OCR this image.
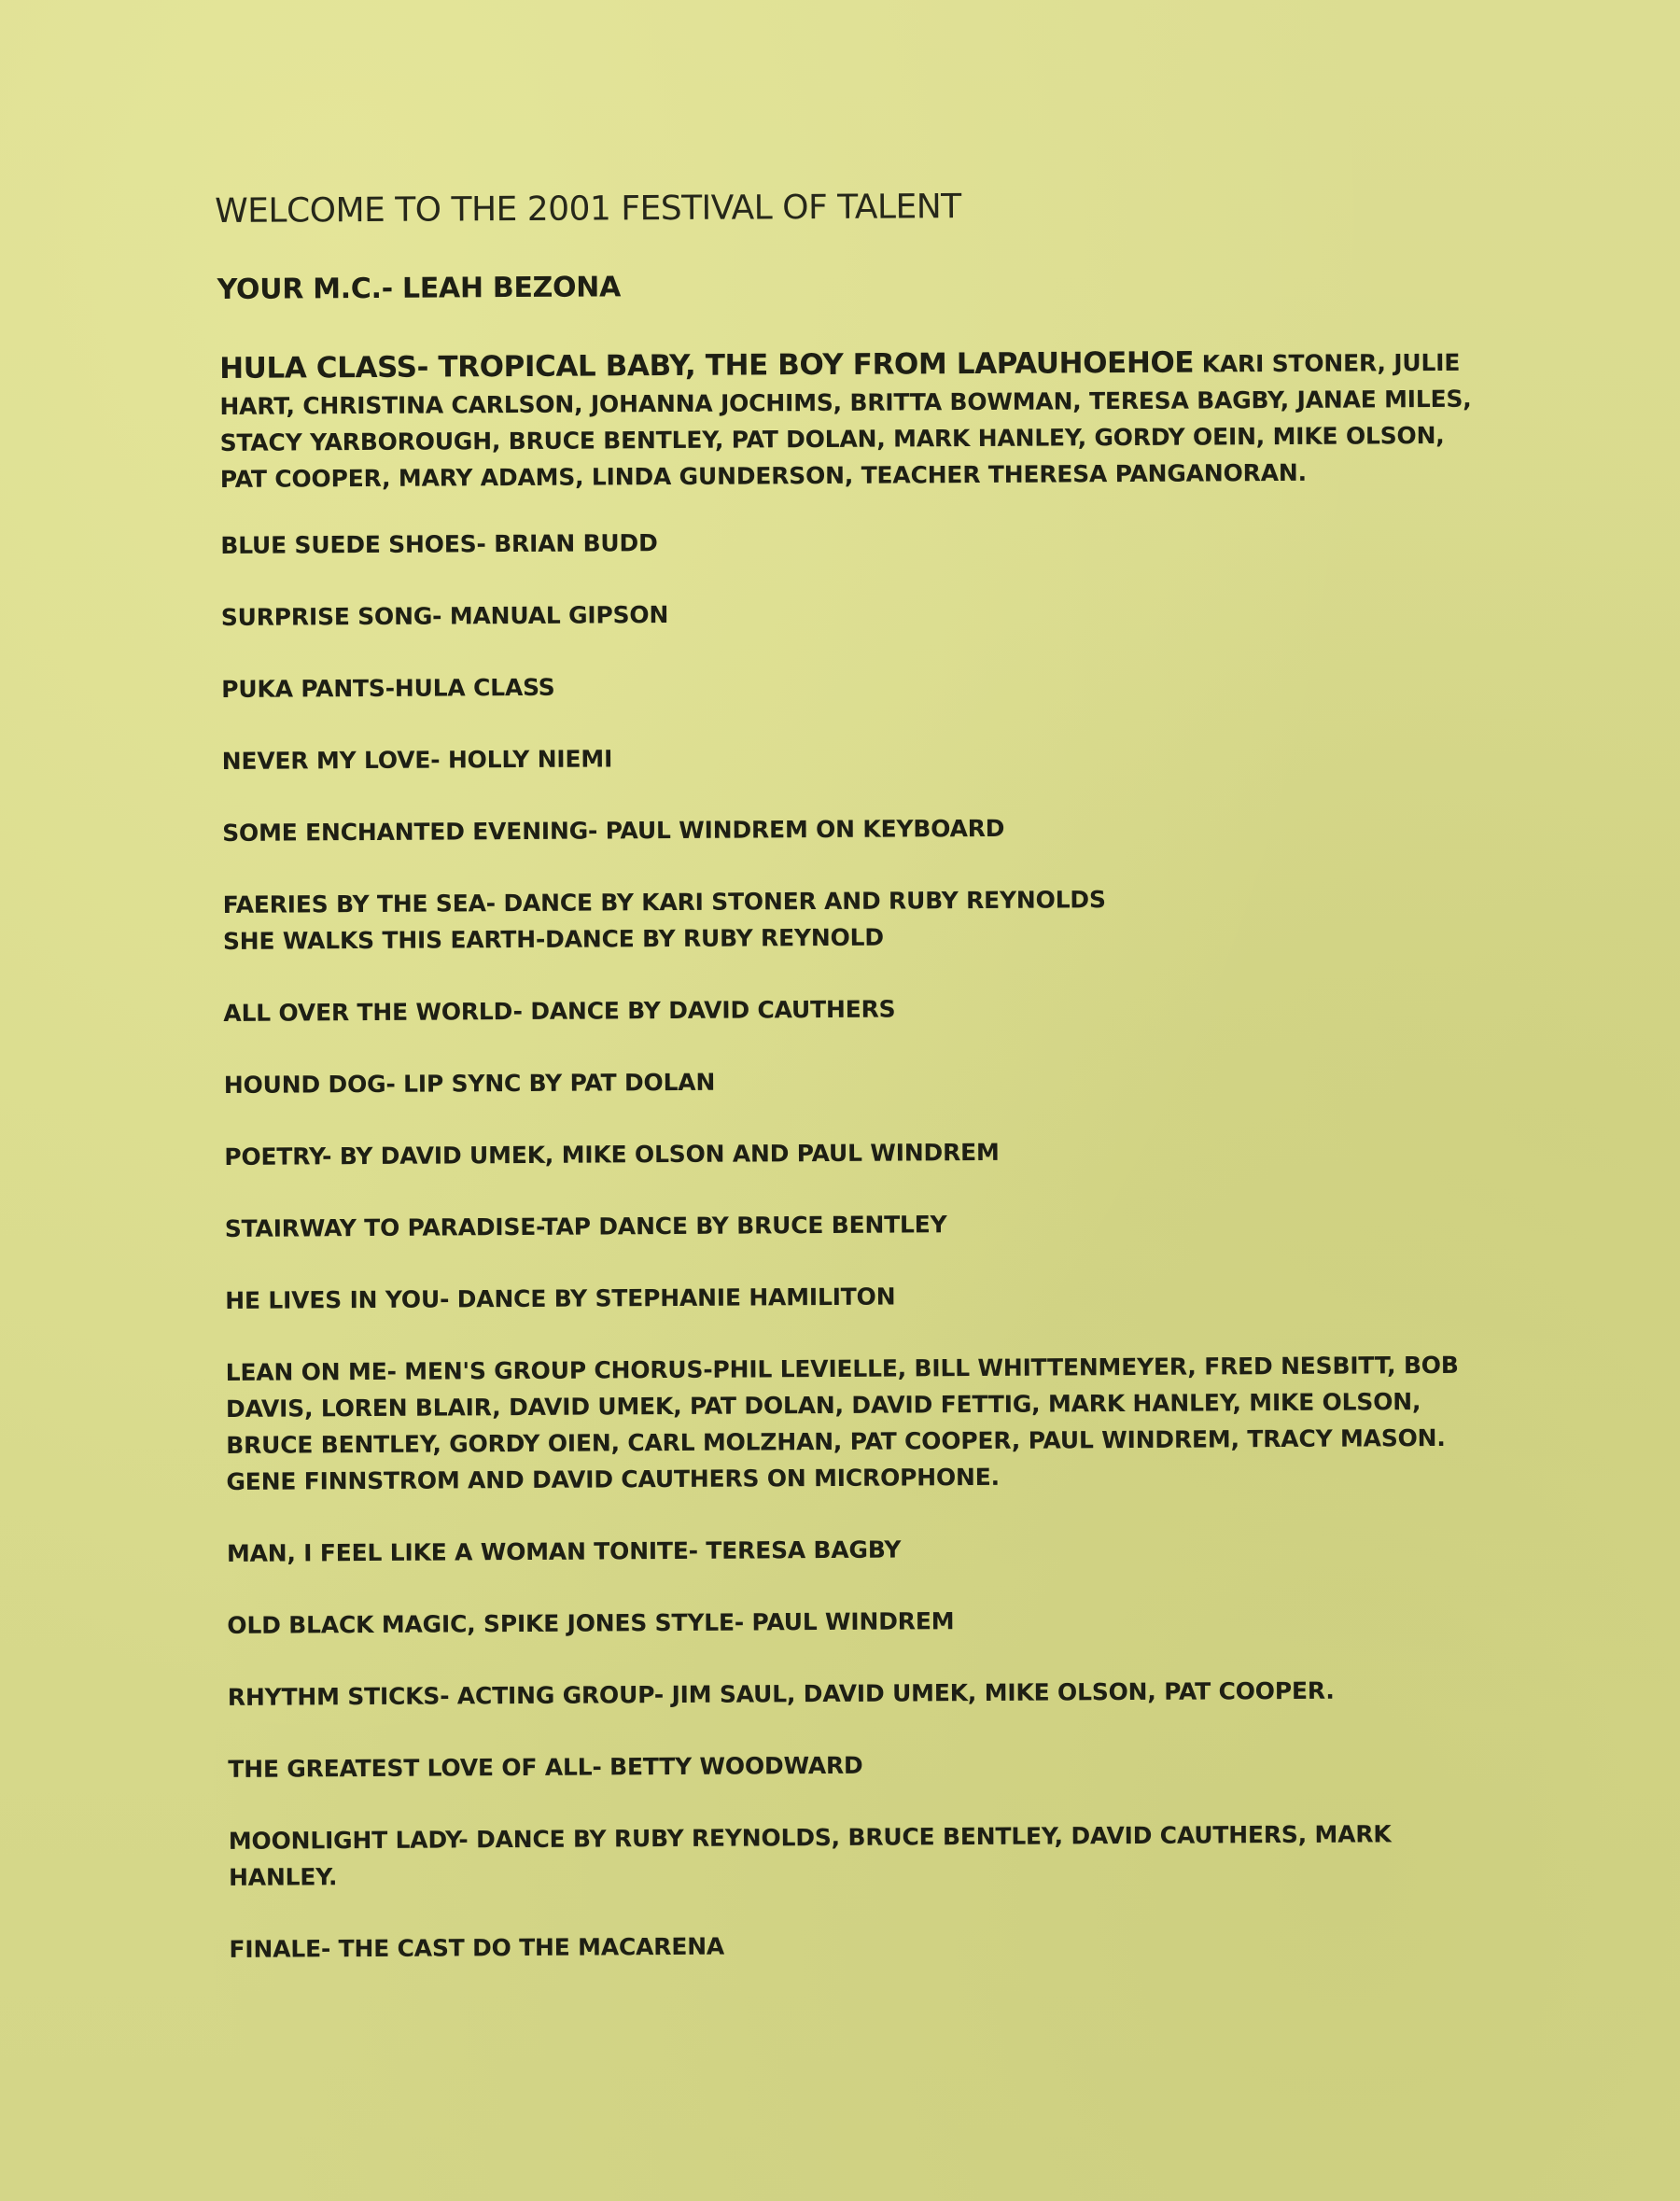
WELCOME TO THE 2001 FESTIVAL OF TALENT
YOUR M.C.- LEAH BEZONA
HULA CLASS- TROPICAL BABY, THE BOY FROM LAPAUHOEHOE KARI STONER, JULIE HART, CHRISTINA CARLSON, JOHANNA JOCHIMS, BRITTA BOWMAN, TERESA BAGBY, JANAE MILES, STACY YARBOROUGH, BRUCE BENTLEY, PAT DOLAN, MARK HANLEY, GORDY OEIN, MIKE OLSON, PAT COOPER, MARY ADAMS, LINDA GUNDERSON, TEACHER THERESA PANGANORAN.
BLUE SUEDE SHOES- BRIAN BUDD
SURPRISE SONG- MANUAL GIPSON
PUKA PANTS-HULA CLASS
NEVER MY LOVE- HOLLY NIEMI
SOME ENCHANTED EVENING- PAUL WINDREM ON KEYBOARD
FAERIES BY THE SEA- DANCE BY KARI STONER AND RUBY REYNOLDS
SHE WALKS THIS EARTH-DANCE BY RUBY REYNOLD
ALL OVER THE WORLD- DANCE BY DAVID CAUTHERS
HOUND DOG- LIP SYNC BY PAT DOLAN
POETRY- BY DAVID UMEK, MIKE OLSON AND PAUL WINDREM
STAIRWAY TO PARADISE-TAP DANCE BY BRUCE BENTLEY
HE LIVES IN YOU- DANCE BY STEPHANIE HAMILITON
LEAN ON ME- MEN'S GROUP CHORUS-PHIL LEVIELLE, BILL WHITTENMEYER, FRED NESBITT, BOB DAVIS, LOREN BLAIR, DAVID UMEK, PAT DOLAN, DAVID FETTIG, MARK HANLEY, MIKE OLSON, BRUCE BENTLEY, GORDY OIEN, CARL MOLZHAN, PAT COOPER, PAUL WINDREM, TRACY MASON. GENE FINNSTROM AND DAVID CAUTHERS ON MICROPHONE.
MAN, I FEEL LIKE A WOMAN TONITE- TERESA BAGBY
OLD BLACK MAGIC, SPIKE JONES STYLE- PAUL WINDREM
RHYTHM STICKS- ACTING GROUP- JIM SAUL, DAVID UMEK, MIKE OLSON, PAT COOPER.
THE GREATEST LOVE OF ALL- BETTY WOODWARD
MOONLIGHT LADY- DANCE BY RUBY REYNOLDS, BRUCE BENTLEY, DAVID CAUTHERS, MARK HANLEY.
FINALE- THE CAST DO THE MACARENA
